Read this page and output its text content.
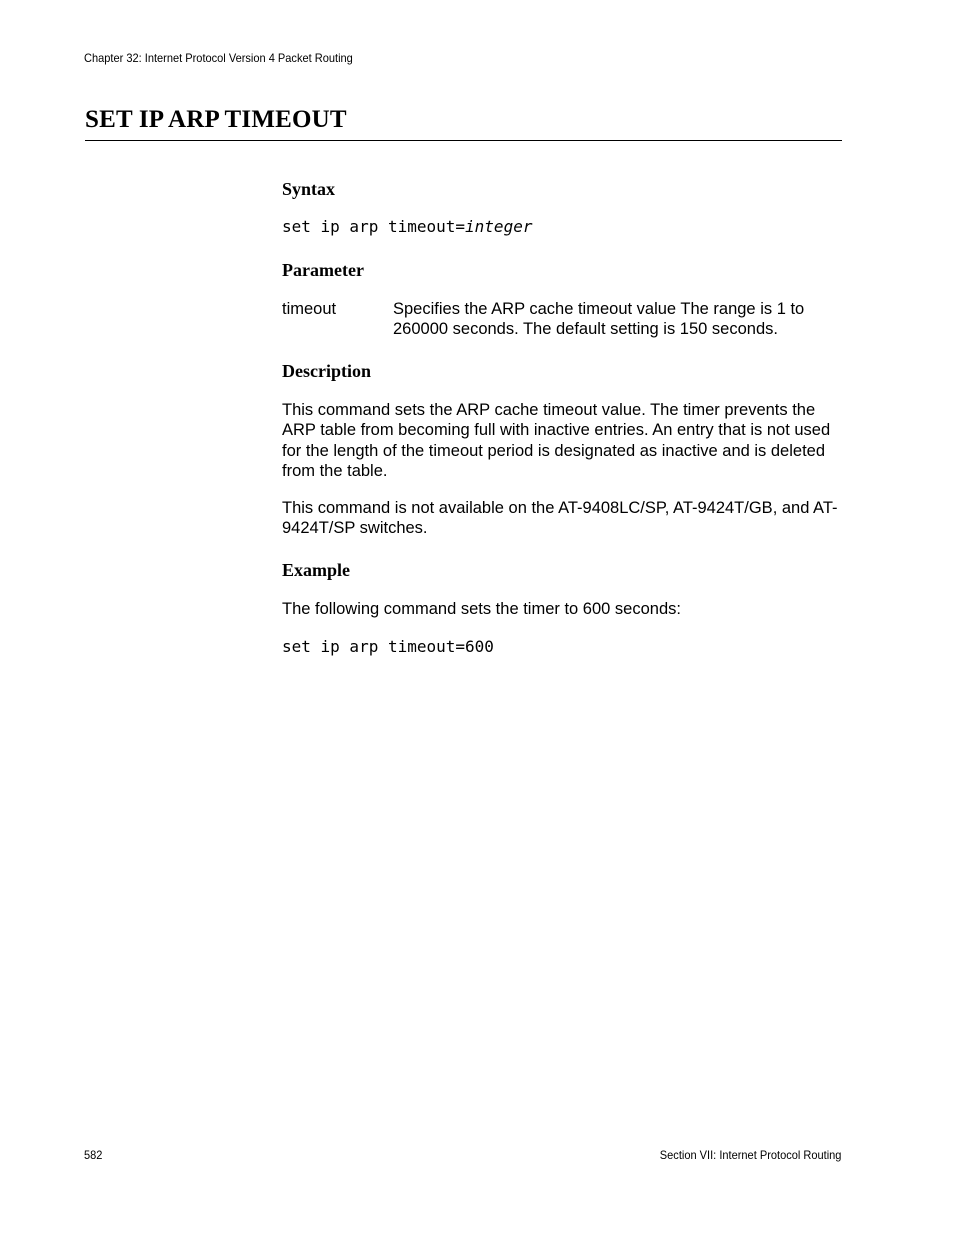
Chapter 32: Internet Protocol Version 4 Packet Routing
SET IP ARP TIMEOUT
Syntax
set ip arp timeout=integer
Parameter
timeout	Specifies the ARP cache timeout value The range is 1 to 260000 seconds. The default setting is 150 seconds.
Description

This command sets the ARP cache timeout value. The timer prevents the ARP table from becoming full with inactive entries. An entry that is not used for the length of the timeout period is designated as inactive and is deleted from the table.

This command is not available on the AT-9408LC/SP, AT-9424T/GB, and AT-9424T/SP switches.

Example

The following command sets the timer to 600 seconds:

set ip arp timeout=600
582	Section VII: Internet Protocol Routing
